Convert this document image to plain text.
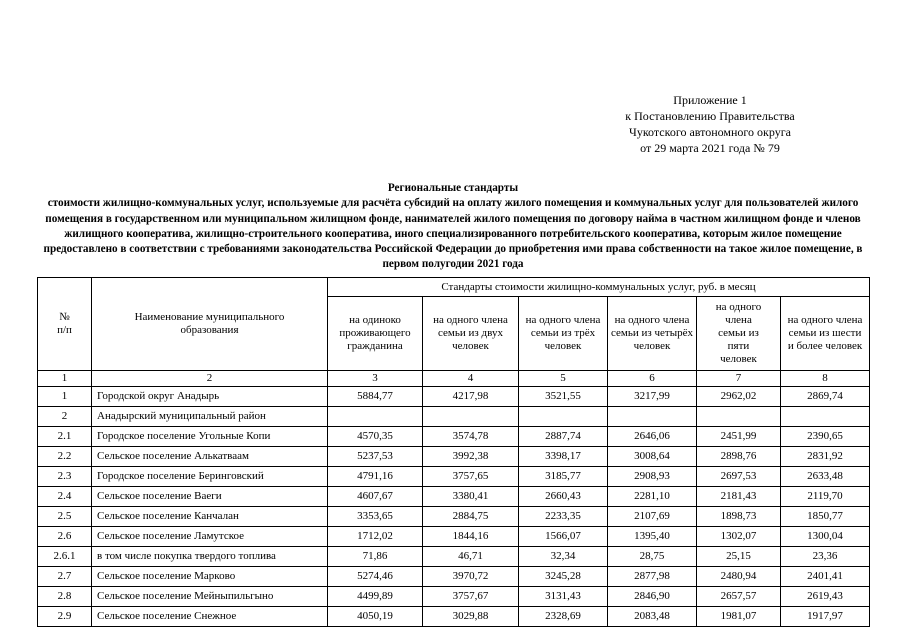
Приложение 1
к Постановлению Правительства
Чукотского автономного округа
от 29 марта 2021 года № 79
Региональные стандарты
стоимости жилищно-коммунальных услуг, используемые для расчёта субсидий на оплату жилого помещения и коммунальных услуг для пользователей жилого помещения в государственном или муниципальном жилищном фонде, нанимателей жилого помещения по договору найма в частном жилищном фонде и членов жилищного кооператива, жилищно-строительного кооператива, иного специализированного потребительского кооператива, которым жилое помещение предоставлено в соответствии с требованиями законодательства Российской Федерации до приобретения ими права собственности на такое жилое помещение, в первом полугодии 2021 года
№
п/п	Наименование муниципального образования	Стандарты стоимости жилищно-коммунальных услуг, руб. в месяц					
		на одиноко проживающего гражданина	на одного члена семьи из двух человек	на одного члена семьи из трёх человек	на одного члена семьи из четырёх человек	на одного члена семьи из пяти человек	на одного члена семьи из шести и более человек
1	2	3	4	5	6	7	8
1	Городской округ Анадырь	5884,77	4217,98	3521,55	3217,99	2962,02	2869,74
2	Анадырский муниципальный район						
2.1	Городское поселение Угольные Копи	4570,35	3574,78	2887,74	2646,06	2451,99	2390,65
2.2	Сельское поселение Алькатваам	5237,53	3992,38	3398,17	3008,64	2898,76	2831,92
2.3	Городское поселение Беринговский	4791,16	3757,65	3185,77	2908,93	2697,53	2633,48
2.4	Сельское поселение Ваеги	4607,67	3380,41	2660,43	2281,10	2181,43	2119,70
2.5	Сельское поселение Канчалан	3353,65	2884,75	2233,35	2107,69	1898,73	1850,77
2.6	Сельское поселение Ламутское	1712,02	1844,16	1566,07	1395,40	1302,07	1300,04
2.6.1	в том числе покупка твердого топлива	71,86	46,71	32,34	28,75	25,15	23,36
2.7	Сельское поселение Марково	5274,46	3970,72	3245,28	2877,98	2480,94	2401,41
2.8	Сельское поселение Мейныпильгыно	4499,89	3757,67	3131,43	2846,90	2657,57	2619,43
2.9	Сельское поселение Снежное	4050,19	3029,88	2328,69	2083,48	1981,07	1917,97
